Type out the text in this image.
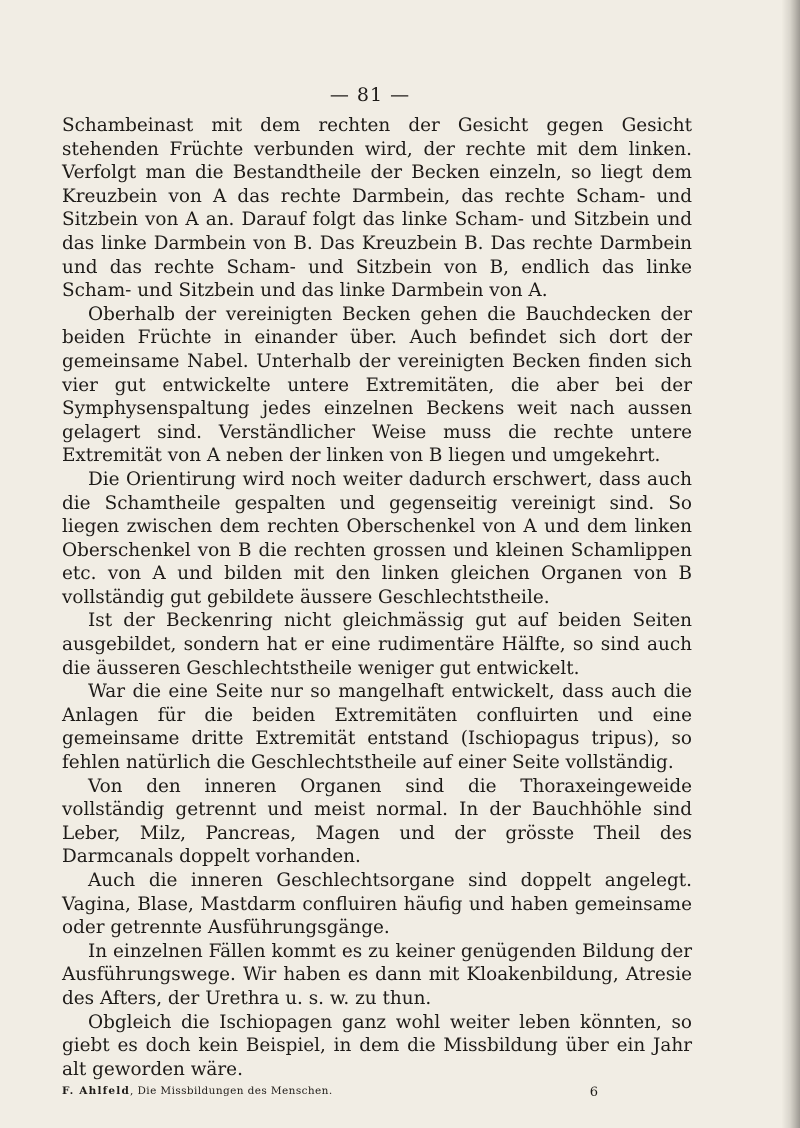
— 81 —

Schambeinast mit dem rechten der Gesicht gegen Gesicht stehenden Früchte verbunden wird, der rechte mit dem linken. Verfolgt man die Bestandtheile der Becken einzeln, so liegt dem Kreuzbein von A das rechte Darmbein, das rechte Scham- und Sitzbein von A an. Darauf folgt das linke Scham- und Sitzbein und das linke Darmbein von B. Das Kreuzbein B. Das rechte Darmbein und das rechte Scham- und Sitzbein von B, endlich das linke Scham- und Sitzbein und das linke Darmbein von A.

Oberhalb der vereinigten Becken gehen die Bauchdecken der beiden Früchte in einander über. Auch befindet sich dort der gemeinsame Nabel. Unterhalb der vereinigten Becken finden sich vier gut entwickelte untere Extremitäten, die aber bei der Symphysenspaltung jedes einzelnen Beckens weit nach aussen gelagert sind. Verständlicher Weise muss die rechte untere Extremität von A neben der linken von B liegen und umgekehrt.

Die Orientirung wird noch weiter dadurch erschwert, dass auch die Schamtheile gespalten und gegenseitig vereinigt sind. So liegen zwischen dem rechten Oberschenkel von A und dem linken Oberschenkel von B die rechten grossen und kleinen Schamlippen etc. von A und bilden mit den linken gleichen Organen von B vollständig gut gebildete äussere Geschlechtstheile.

Ist der Beckenring nicht gleichmässig gut auf beiden Seiten ausgebildet, sondern hat er eine rudimentäre Hälfte, so sind auch die äusseren Geschlechtstheile weniger gut entwickelt.

War die eine Seite nur so mangelhaft entwickelt, dass auch die Anlagen für die beiden Extremitäten confluirten und eine gemeinsame dritte Extremität entstand (Ischiopagus tripus), so fehlen natürlich die Geschlechtstheile auf einer Seite vollständig.

Von den inneren Organen sind die Thoraxeingeweide vollständig getrennt und meist normal. In der Bauchhöhle sind Leber, Milz, Pancreas, Magen und der grösste Theil des Darmcanals doppelt vorhanden.

Auch die inneren Geschlechtsorgane sind doppelt angelegt. Vagina, Blase, Mastdarm confluiren häufig und haben gemeinsame oder getrennte Ausführungsgänge.

In einzelnen Fällen kommt es zu keiner genügenden Bildung der Ausführungswege. Wir haben es dann mit Kloakenbildung, Atresie des Afters, der Urethra u. s. w. zu thun.

Obgleich die Ischiopagen ganz wohl weiter leben könnten, so giebt es doch kein Beispiel, in dem die Missbildung über ein Jahr alt geworden wäre.

F. Ahlfeld, Die Missbildungen des Menschen.	6
